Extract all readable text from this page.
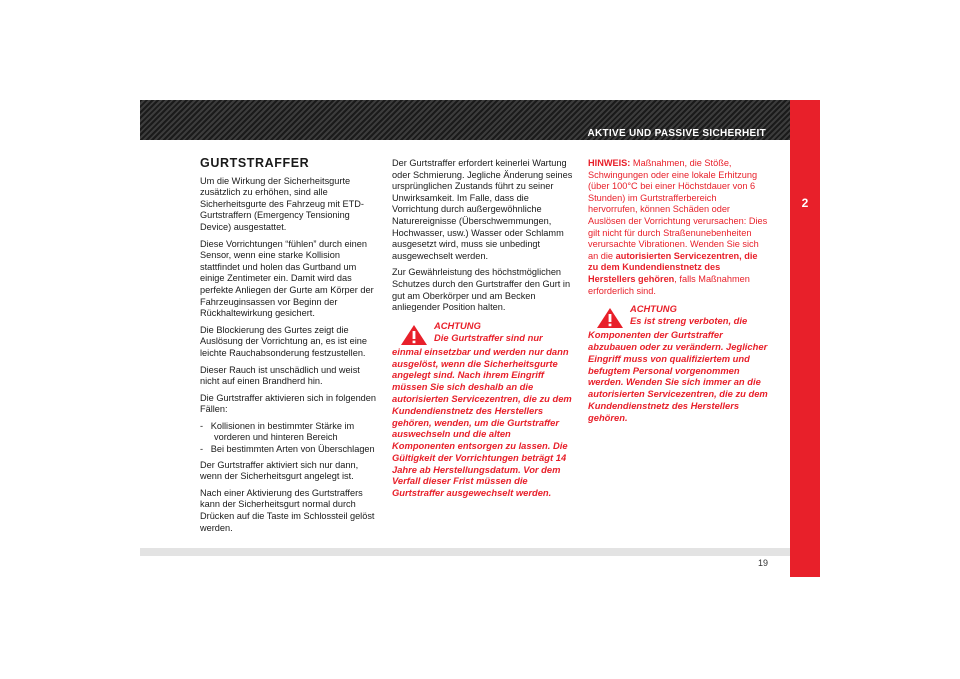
AKTIVE UND PASSIVE SICHERHEIT
2
GURTSTRAFFER

Um die Wirkung der Sicherheitsgurte zusätzlich zu erhöhen, sind alle Sicherheitsgurte des Fahrzeug mit ETD-Gurtstraffern (Emergency Tensioning Device) ausgestattet.

Diese Vorrichtungen “fühlen” durch einen Sensor, wenn eine starke Kollision stattfindet und holen das Gurtband um einige Zentimeter ein. Damit wird das perfekte Anliegen der Gurte am Körper der Fahrzeuginsassen vor Beginn der Rückhaltewirkung gesichert.

Die Blockierung des Gurtes zeigt die Auslösung der Vorrichtung an, es ist eine leichte Rauchabsonderung festzustellen.

Dieser Rauch ist unschädlich und weist nicht auf einen Brandherd hin.

Die Gurtstraffer aktivieren sich in folgenden Fällen:

-   Kollisionen in bestimmter Stärke im vorderen und hinteren Bereich
-   Bei bestimmten Arten von Überschlagen

Der Gurtstraffer aktiviert sich nur dann, wenn der Sicherheitsgurt angelegt ist.

Nach einer Aktivierung des Gurtstraffers kann der Sicherheitsgurt normal durch Drücken auf die Taste im Schlossteil gelöst werden.

Der Gurtstraffer erfordert keinerlei Wartung oder Schmierung. Jegliche Änderung seines ursprünglichen Zustands führt zu seiner Unwirksamkeit. Im Falle, dass die Vorrichtung durch außergewöhnliche Naturereignisse (Überschwemmungen, Hochwasser, usw.) Wasser oder Schlamm ausgesetzt wird, muss sie unbedingt ausgewechselt werden.

Zur Gewährleistung des höchstmöglichen Schutzes durch den Gurtstraffer den Gurt in gut am Oberkörper und am Becken anliegender Position halten.

ACHTUNG
Die Gurtstraffer sind nur
einmal einsetzbar und werden nur dann ausgelöst, wenn die Sicherheitsgurte angelegt sind. Nach ihrem Eingriff müssen Sie sich deshalb an die autorisierten Servicezentren, die zu dem Kundendienstnetz des Herstellers gehören, wenden, um die Gurtstraffer auswechseln und die alten Komponenten entsorgen zu lassen. Die Gültigkeit der Vorrichtungen beträgt 14 Jahre ab Herstellungsdatum. Vor dem Verfall dieser Frist müssen die Gurtstraffer ausgewechselt werden.

HINWEIS: Maßnahmen, die Stöße, Schwingungen oder eine lokale Erhitzung (über 100°C bei einer Höchstdauer von 6 Stunden) im Gurtstrafferbereich hervorrufen, können Schäden oder Auslösen der Vorrichtung verursachen: Dies gilt nicht für durch Straßenunebenheiten verursachte Vibrationen. Wenden Sie sich an die autorisierten Servicezentren, die zu dem Kundendienstnetz des Herstellers gehören, falls Maßnahmen erforderlich sind.

ACHTUNG
Es ist streng verboten, die
Komponenten der Gurtstraffer abzubauen oder zu verändern. Jeglicher Eingriff muss von qualifiziertem und befugtem Personal vorgenommen werden. Wenden Sie sich immer an die autorisierten Servicezentren, die zu dem Kundendienstnetz des Herstellers gehören.
19
